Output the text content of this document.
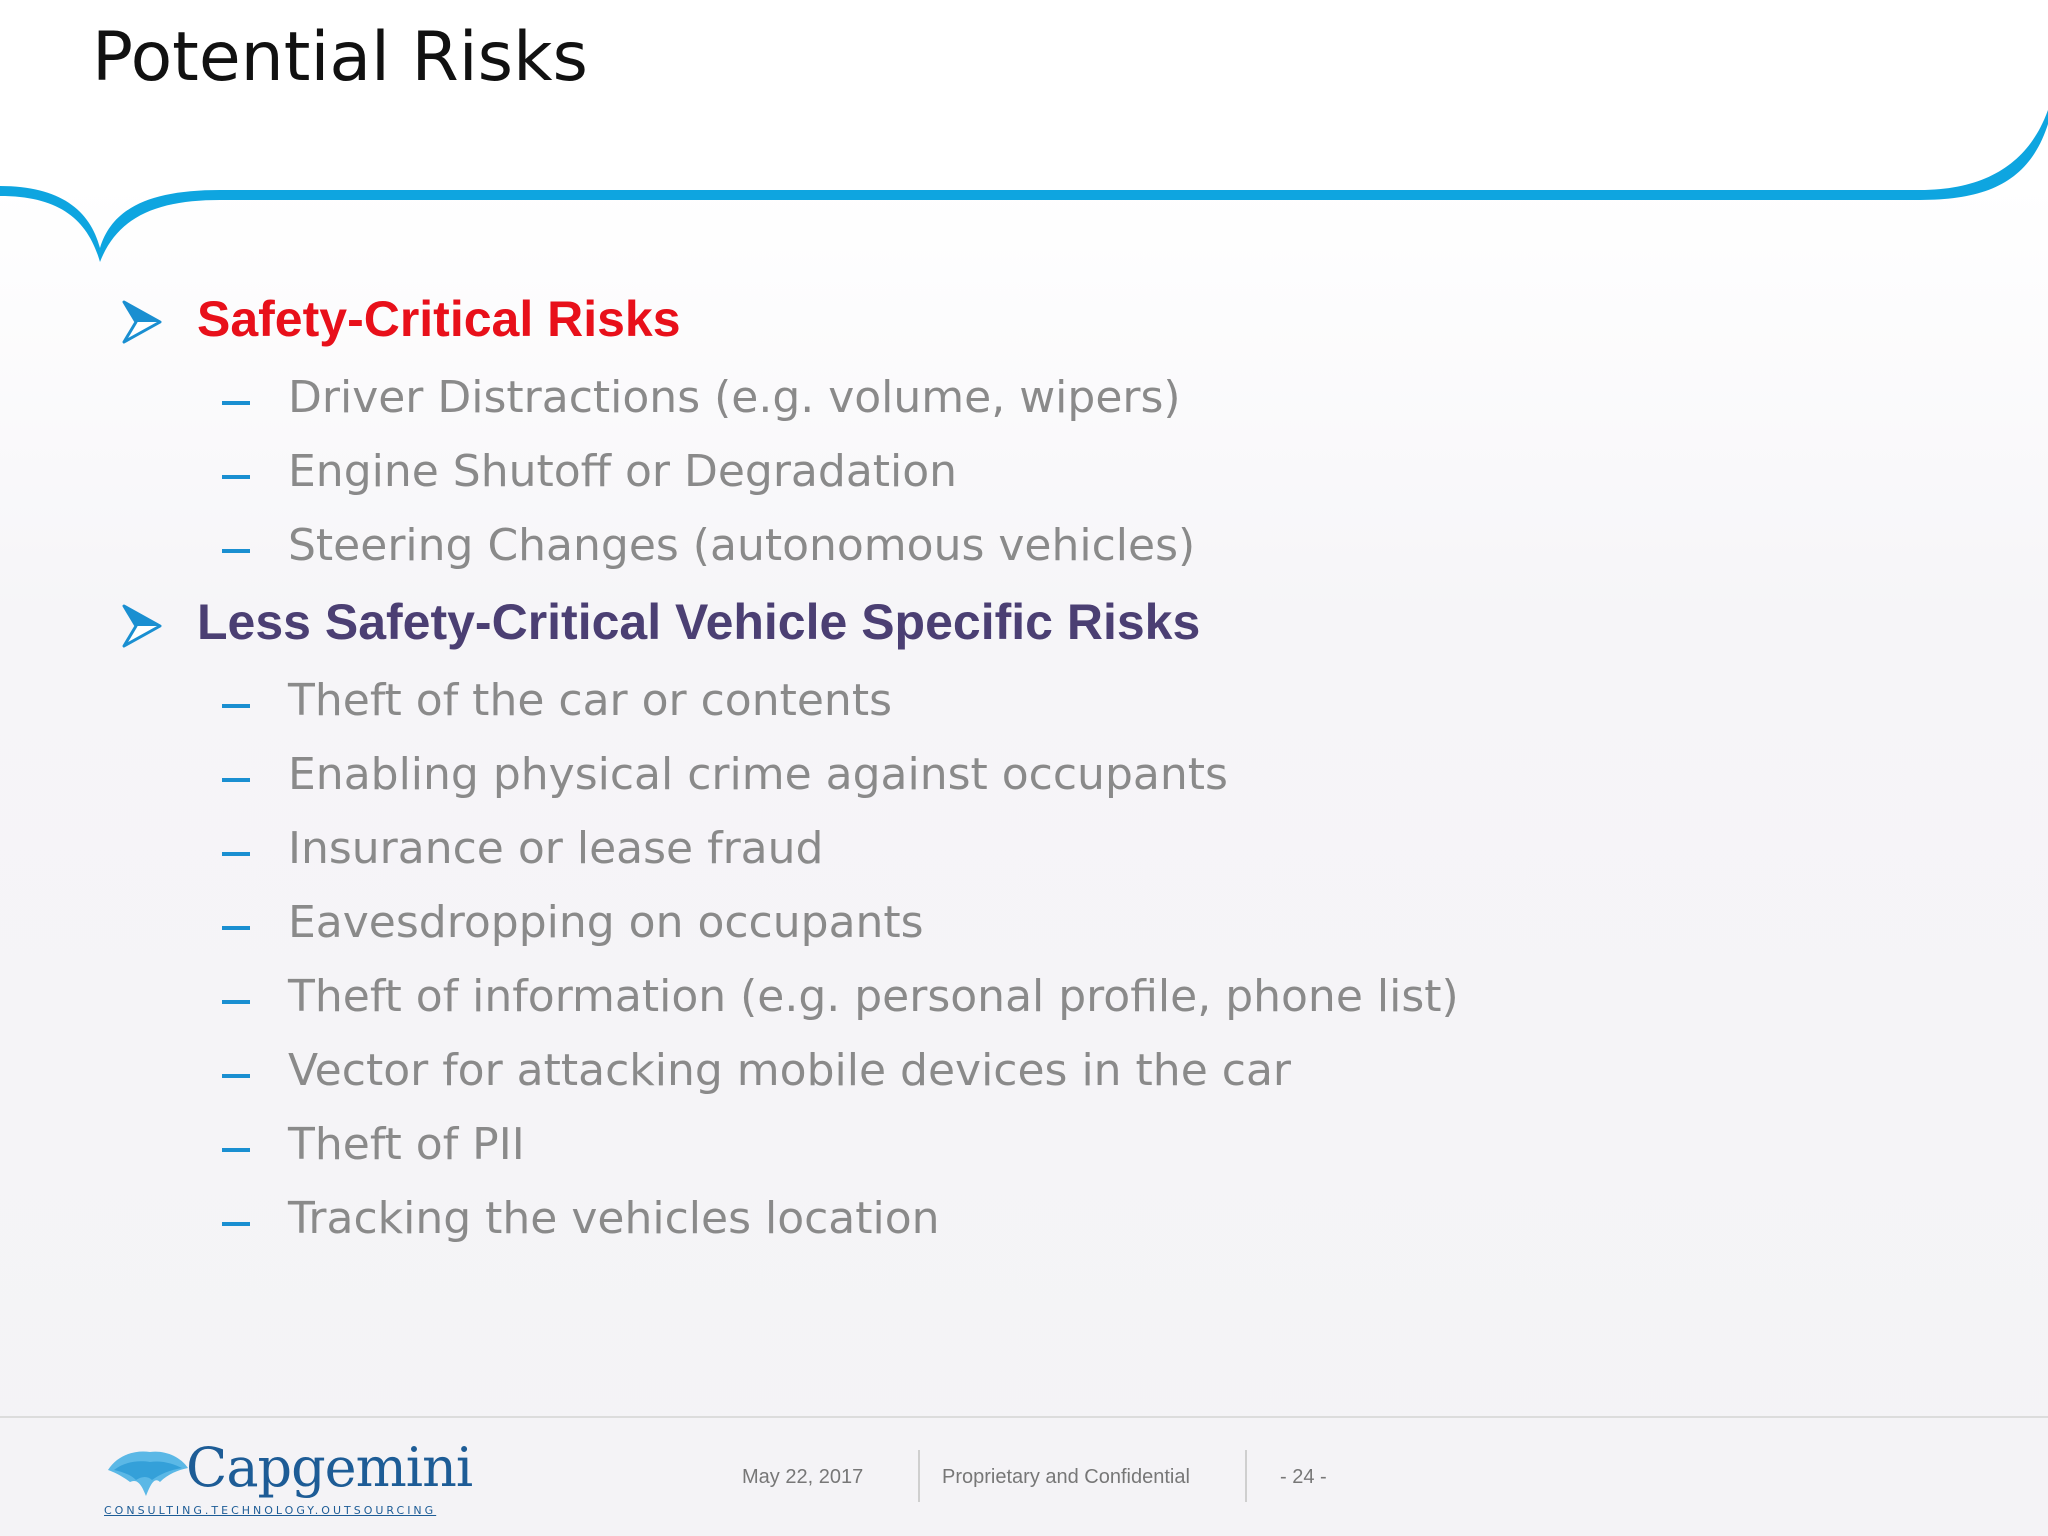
Potential Risks
Safety-Critical Risks
Driver Distractions (e.g. volume, wipers)
Engine Shutoff or Degradation
Steering Changes (autonomous vehicles)
Less Safety-Critical Vehicle Specific Risks
Theft of the car or contents
Enabling physical crime against occupants
Insurance or lease fraud
Eavesdropping on occupants
Theft of information (e.g. personal profile, phone list)
Vector for attacking mobile devices in the car
Theft of PII
Tracking the vehicles location
Capgemini
CONSULTING.TECHNOLOGY.OUTSOURCING
May 22, 2017	Proprietary and Confidential	- 24 -
